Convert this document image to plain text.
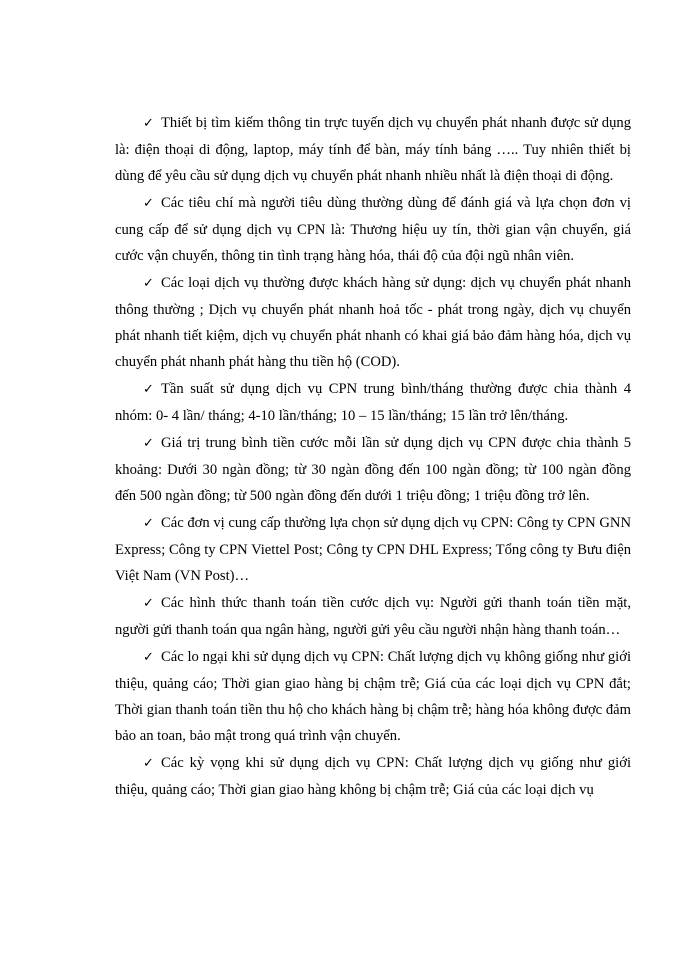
✓ Thiết bị tìm kiếm thông tin trực tuyến dịch vụ chuyển phát nhanh được sử dụng là: điện thoại di động, laptop, máy tính để bàn, máy tính bảng ….. Tuy nhiên thiết bị dùng để yêu cầu sử dụng dịch vụ chuyển phát nhanh nhiều nhất là điện thoại di động.

✓ Các tiêu chí mà người tiêu dùng thường dùng để đánh giá và lựa chọn đơn vị cung cấp để sử dụng dịch vụ CPN là: Thương hiệu uy tín, thời gian vận chuyển, giá cước vận chuyển, thông tin tình trạng hàng hóa, thái độ của đội ngũ nhân viên.

✓ Các loại dịch vụ thường được khách hàng sử dụng: dịch vụ chuyển phát nhanh thông thường ; Dịch vụ chuyển phát nhanh hoả tốc - phát trong ngày, dịch vụ chuyển phát nhanh tiết kiệm, dịch vụ chuyển phát nhanh có khai giá bảo đảm hàng hóa, dịch vụ chuyển phát nhanh phát hàng thu tiền hộ (COD).

✓ Tần suất sử dụng dịch vụ CPN trung bình/tháng thường được chia thành 4 nhóm: 0- 4 lần/ tháng; 4-10 lần/tháng; 10 – 15 lần/tháng; 15 lần trở lên/tháng.

✓ Giá trị trung bình tiền cước mỗi lần sử dụng dịch vụ CPN được chia thành 5 khoảng: Dưới 30 ngàn đồng; từ 30 ngàn đồng đến 100 ngàn đồng; từ 100 ngàn đồng đến 500 ngàn đồng; từ 500 ngàn đồng đến dưới 1 triệu đồng; 1 triệu đồng trở lên.

✓ Các đơn vị cung cấp thường lựa chọn sử dụng dịch vụ CPN: Công ty CPN GNN Express; Công ty CPN Viettel Post; Công ty CPN DHL Express; Tổng công ty Bưu điện Việt Nam (VN Post)…

✓ Các hình thức thanh toán tiền cước dịch vụ: Người gửi thanh toán tiền mặt, người gửi thanh toán qua ngân hàng, người gửi yêu cầu người nhận hàng thanh toán…

✓ Các lo ngại khi sử dụng dịch vụ CPN: Chất lượng dịch vụ không giống như giới thiệu, quảng cáo; Thời gian giao hàng bị chậm trễ; Giá của các loại dịch vụ CPN đắt; Thời gian thanh toán tiền thu hộ cho khách hàng bị chậm trễ; hàng hóa không được đảm bảo an toan, bảo mật trong quá trình vận chuyển.

✓ Các kỳ vọng khi sử dụng dịch vụ CPN: Chất lượng dịch vụ giống như giới thiệu, quảng cáo; Thời gian giao hàng không bị chậm trễ; Giá của các loại dịch vụ
